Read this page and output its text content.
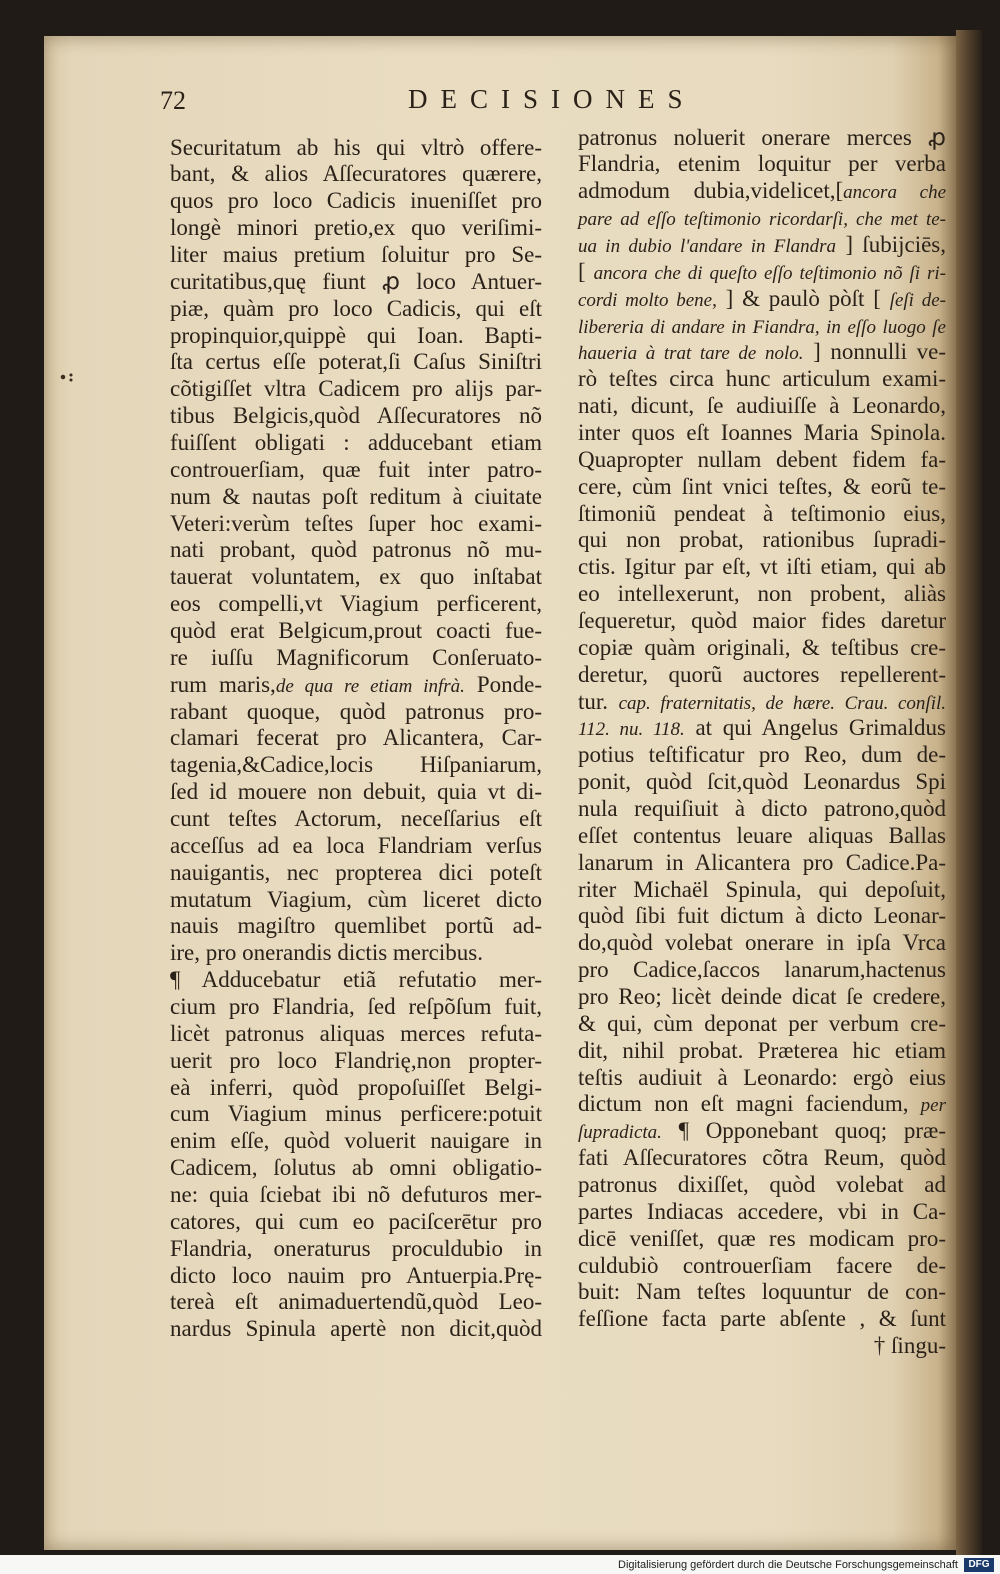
72	DECISIONES
Securitatum ab his qui vltrò offere-
bant, & alios Aſſecuratores quærere,
quos pro loco Cadicis inueniſſet pro
longè minori pretio,ex quo veriſimi-
liter maius pretium ſoluitur pro Se-
curitatibus,quę fiunt ꝓ loco Antuer-
piæ, quàm pro loco Cadicis, qui eſt
propinquior,quippè qui Ioan. Bapti-
ſta certus eſſe poterat,ſi Caſus Siniſtri
cõtigiſſet vltra Cadicem pro alijs par-
tibus Belgicis,quòd Aſſecuratores nõ
fuiſſent obligati : adducebant etiam
controuerſiam, quæ fuit inter patro-
num & nautas poſt reditum à ciuitate
Veteri:verùm teſtes ſuper hoc exami-
nati probant, quòd patronus nõ mu-
tauerat voluntatem, ex quo inſtabat
eos compelli,vt Viagium perficerent,
quòd erat Belgicum,prout coacti fue-
re iuſſu Magnificorum Conſeruato-
rum maris,de qua re etiam infrà. Ponde-
rabant quoque, quòd patronus pro-
clamari fecerat pro Alicantera, Car-
tagenia,&Cadice,locis Hiſpaniarum,
ſed id mouere non debuit, quia vt di-
cunt teſtes Actorum, neceſſarius eſt
acceſſus ad ea loca Flandriam verſus
nauigantis, nec propterea dici poteſt
mutatum Viagium, cùm liceret dicto
nauis magiſtro quemlibet portũ ad-
ire, pro onerandis dictis mercibus.
¶ Adducebatur etiã refutatio mer-
cium pro Flandria, ſed reſpõſum fuit,
licèt patronus aliquas merces refuta-
uerit pro loco Flandrię,non propter-
eà inferri, quòd propoſuiſſet Belgi-
cum Viagium minus perficere:potuit
enim eſſe, quòd voluerit nauigare in
Cadicem, ſolutus ab omni obligatio-
ne: quia ſciebat ibi nõ defuturos mer-
catores, qui cum eo paciſcerētur pro
Flandria, oneraturus proculdubio in
dicto loco nauim pro Antuerpia.Prę-
tereà eſt animaduertendũ,quòd Leo-
nardus Spinula apertè non dicit,quòd
patronus noluerit onerare merces ꝓ
Flandria, etenim loquitur per verba
admodum dubia,videlicet,[ancora che
pare ad eſſo teſtimonio ricordarſi, che met te-
ua in dubio l'andare in Flandra ] ſubijciēs,
[ ancora che di queſto eſſo teſtimonio nõ ſi ri-
cordi molto bene, ] & paulò pòſt [ ſeſi de-
libereria di andare in Fiandra, in eſſo luogo ſe
haueria à trat tare de nolo. ] nonnulli ve-
rò teſtes circa hunc articulum exami-
nati, dicunt, ſe audiuiſſe à Leonardo,
inter quos eſt Ioannes Maria Spinola.
Quapropter nullam debent fidem fa-
cere, cùm ſint vnici teſtes, & eorũ te-
ſtimoniũ pendeat à teſtimonio eius,
qui non probat, rationibus ſupradi-
ctis. Igitur par eſt, vt iſti etiam, qui ab
eo intellexerunt, non probent, aliàs
ſequeretur, quòd maior fides daretur
copiæ quàm originali, & teſtibus cre-
deretur, quorũ auctores repellerent-
tur. cap. fraternitatis, de hære. Crau. conſil.
112. nu. 118. at qui Angelus Grimaldus
potius teſtificatur pro Reo, dum de-
ponit, quòd ſcit,quòd Leonardus Spi
nula requiſiuit à dicto patrono,quòd
eſſet contentus leuare aliquas Ballas
lanarum in Alicantera pro Cadice.Pa-
riter Michaël Spinula, qui depoſuit,
quòd ſibi fuit dictum à dicto Leonar-
do,quòd volebat onerare in ipſa Vrca
pro Cadice,ſaccos lanarum,hactenus
pro Reo; licèt deinde dicat ſe credere,
& qui, cùm deponat per verbum cre-
dit, nihil probat. Præterea hic etiam
teſtis audiuit à Leonardo: ergò eius
dictum non eſt magni faciendum, per
ſupradicta. ¶ Opponebant quoq; præ-
fati Aſſecuratores cõtra Reum, quòd
patronus dixiſſet, quòd volebat ad
partes Indiacas accedere, vbi in Ca-
dicē veniſſet, quæ res modicam pro-
culdubiò controuerſiam facere de-
buit: Nam teſtes loquuntur de con-
feſſione facta parte abſente , & ſunt
† ſingu-
Digitalisierung gefördert durch die Deutsche Forschungsgemeinschaft	DFG
